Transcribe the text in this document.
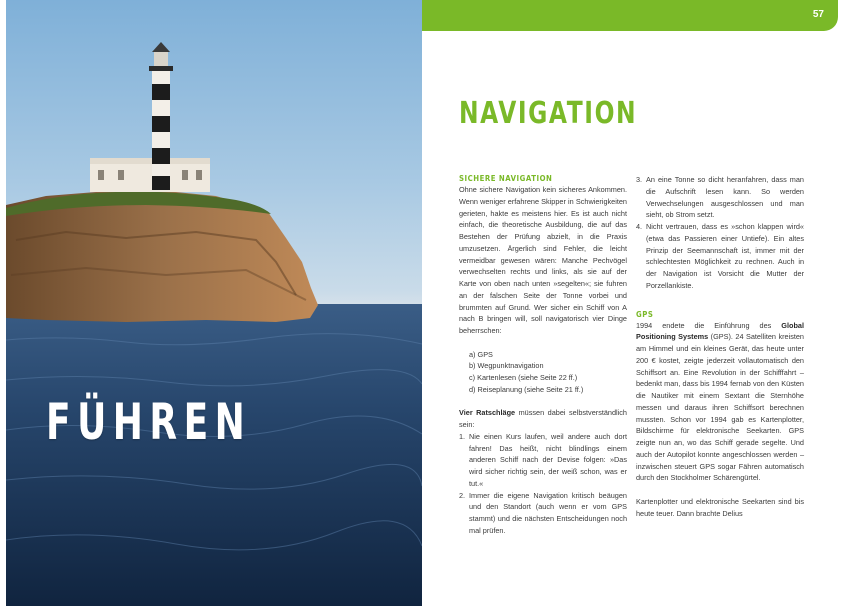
FÜHREN
57
NAVIGATION
SICHERE NAVIGATION

Ohne sichere Navigation kein sicheres Ankommen. Wenn weniger erfahrene Skipper in Schwierigkeiten gerieten, hakte es meistens hier. Es ist auch nicht einfach, die theoretische Ausbildung, die auf das Bestehen der Prüfung abzielt, in die Praxis umzusetzen. Ärgerlich sind Fehler, die leicht vermeidbar gewesen wären: Manche Pechvögel verwechselten rechts und links, als sie auf der Karte von oben nach unten »segelten«; sie fuhren an der falschen Seite der Tonne vorbei und brummten auf Grund. Wer sicher ein Schiff von A nach B bringen will, soll navigatorisch vier Dinge beherrschen:

a) GPS
b) Wegpunktnavigation
c) Kartenlesen (siehe Seite 22 ff.)
d) Reiseplanung (siehe Seite 21 ff.)

Vier Ratschläge müssen dabei selbstverständlich sein:

1. Nie einen Kurs laufen, weil andere auch dort fahren! Das heißt, nicht blindlings einem anderen Schiff nach der Devise folgen: »Das wird sicher richtig sein, der weiß schon, was er tut.«
2. Immer die eigene Navigation kritisch beäugen und den Standort (auch wenn er vom GPS stammt) und die nächsten Entscheidungen noch mal prüfen.
3. An eine Tonne so dicht heranfahren, dass man die Aufschrift lesen kann. So werden Verwechselungen ausgeschlossen und man sieht, ob Strom setzt.
4. Nicht vertrauen, dass es »schon klappen wird« (etwa das Passieren einer Untiefe). Ein altes Prinzip der Seemannschaft ist, immer mit der schlechtesten Möglichkeit zu rechnen. Auch in der Navigation ist Vorsicht die Mutter der Porzellankiste.
GPS

1994 endete die Einführung des Global Positioning Systems (GPS). 24 Satelliten kreisten am Himmel und ein kleines Gerät, das heute unter 200 € kostet, zeigte jederzeit vollautomatisch den Schiffsort an. Eine Revolution in der Schifffahrt – bedenkt man, dass bis 1994 fernab von den Küsten die Nautiker mit einem Sextant die Sternhöhe messen und daraus ihren Schiffsort berechnen mussten. Schon vor 1994 gab es Kartenplotter, Bildschirme für elektronische Seekarten. GPS zeigte nun an, wo das Schiff gerade segelte. Und auch der Autopilot konnte angeschlossen werden – inzwischen steuert GPS sogar Fähren automatisch durch den Stockholmer Schärengürtel.

Kartenplotter und elektronische Seekarten sind bis heute teuer. Dann brachte Delius
